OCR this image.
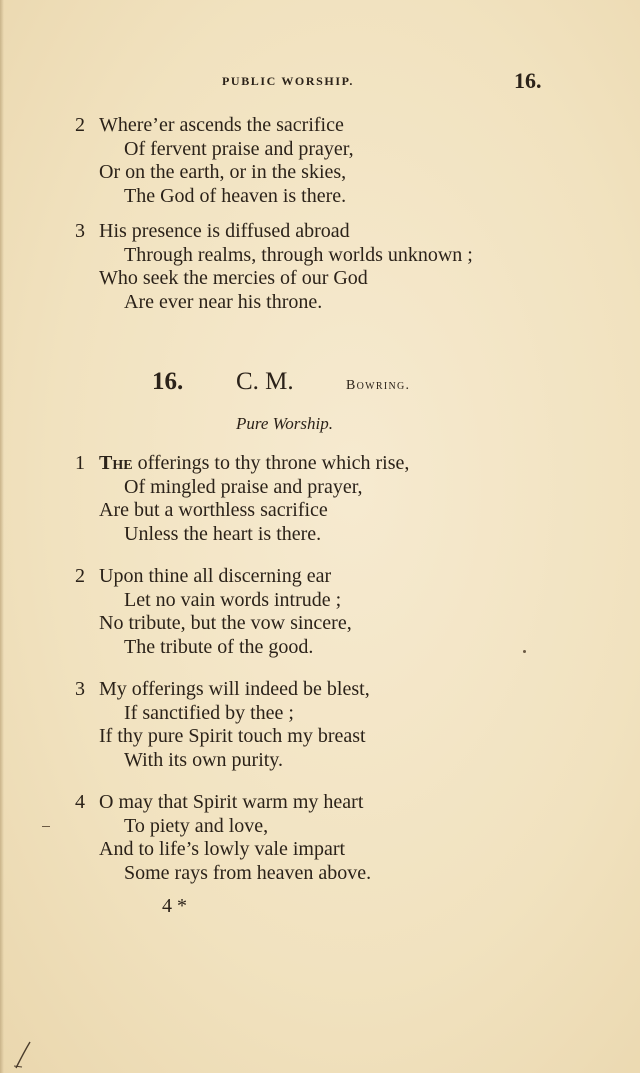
PUBLIC WORSHIP.	16.
2 Where’er ascends the sacrifice
Of fervent praise and prayer,
Or on the earth, or in the skies,
The God of heaven is there.
3 His presence is diffused abroad
Through realms, through worlds unknown ;
Who seek the mercies of our God
Are ever near his throne.
16. C. M.	Bowring.
Pure Worship.
1 The offerings to thy throne which rise,
Of mingled praise and prayer,
Are but a worthless sacrifice
Unless the heart is there.
2 Upon thine all discerning ear
Let no vain words intrude ;
No tribute, but the vow sincere,
The tribute of the good.
3 My offerings will indeed be blest,
If sanctified by thee ;
If thy pure Spirit touch my breast
With its own purity.
4 O may that Spirit warm my heart
To piety and love,
And to life’s lowly vale impart
Some rays from heaven above.
4 *
